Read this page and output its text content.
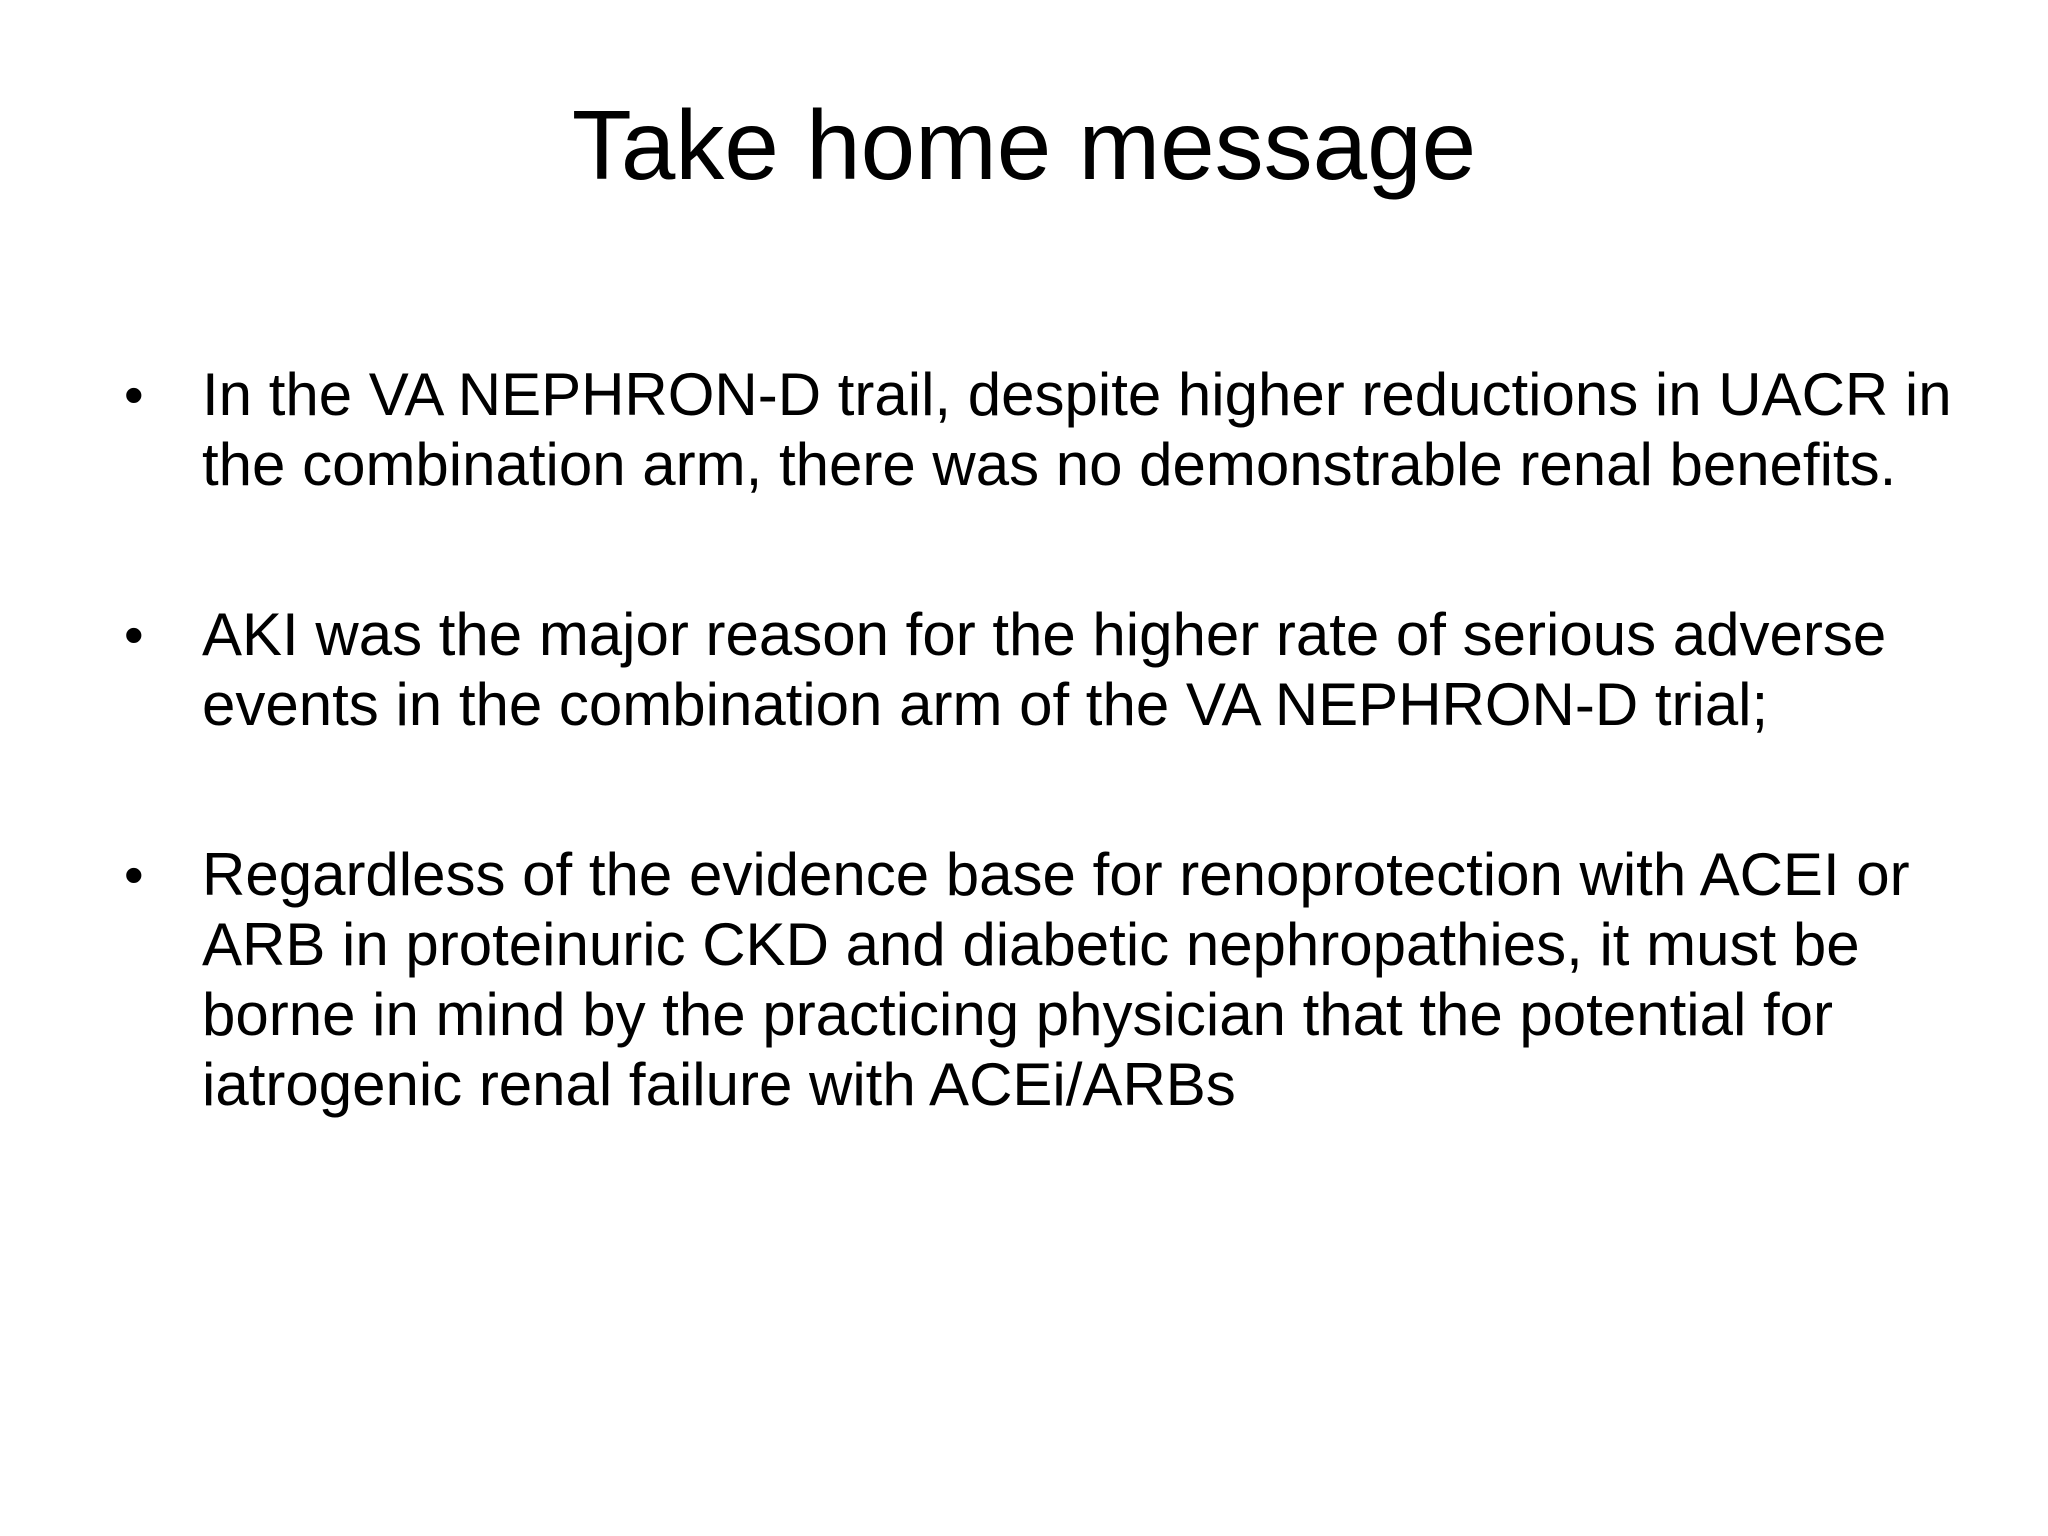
Take home message
• In the VA NEPHRON-D trail, despite higher reductions in UACR in the combination arm, there was no demonstrable renal benefits.
• AKI was the major reason for the higher rate of serious adverse events in the combination arm of the VA NEPHRON-D trial;
• Regardless of the evidence base for renoprotection with ACEI or ARB in proteinuric CKD and diabetic nephropathies, it must be borne in mind by the practicing physician that the potential for iatrogenic renal failure with ACEi/ARBs
